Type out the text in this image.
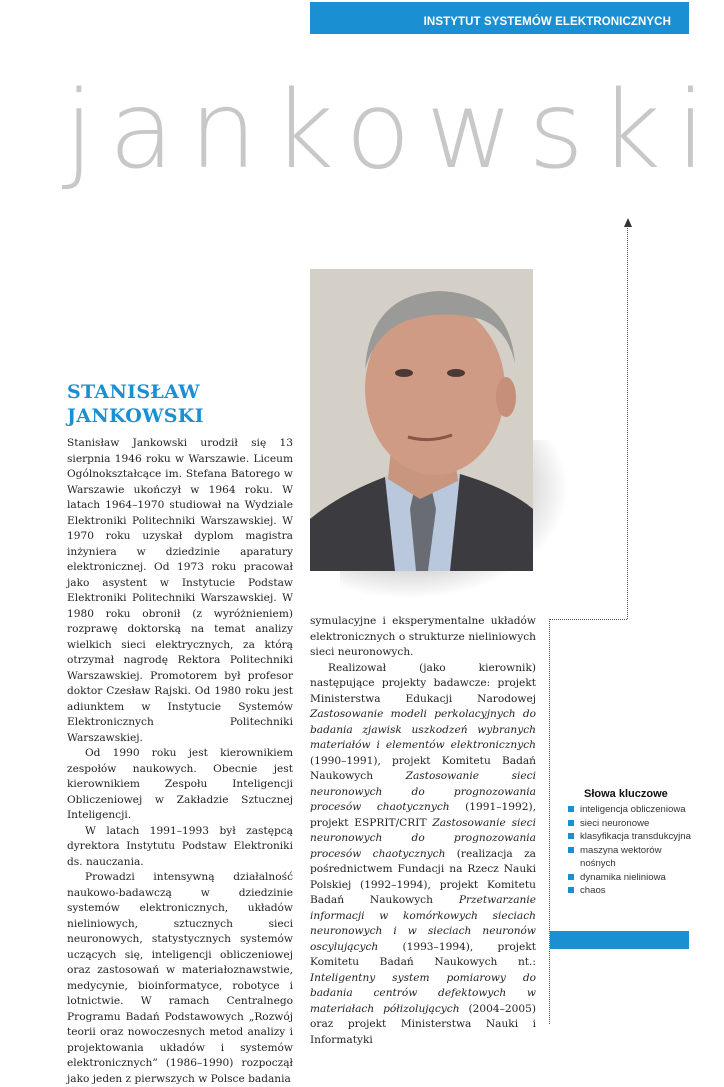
INSTYTUT SYSTEMÓW ELEKTRONICZNYCH
jankowski
STANISŁAW
JANKOWSKI

Stanisław Jankowski urodził się 13 sierpnia 1946 roku w Warszawie. Liceum Ogólnokształcące im. Stefana Batorego w Warszawie ukończył w 1964 roku. W latach 1964–1970 studiował na Wydziale Elektroniki Politechniki Warszawskiej. W 1970 roku uzyskał dyplom magistra inżyniera w dziedzinie aparatury elektronicznej. Od 1973 roku pracował jako asystent w Instytucie Podstaw Elektroniki Politechniki Warszawskiej. W 1980 roku obronił (z wyróżnieniem) rozprawę doktorską na temat analizy wielkich sieci elektrycznych, za którą otrzymał nagrodę Rektora Politechniki Warszawskiej. Promotorem był profesor doktor Czesław Rajski. Od 1980 roku jest adiunktem w Instytucie Systemów Elektronicznych Politechniki Warszawskiej.

Od 1990 roku jest kierownikiem zespołów naukowych. Obecnie jest kierownikiem Zespołu Inteligencji Obliczeniowej w Zakładzie Sztucznej Inteligencji.

W latach 1991–1993 był zastępcą dyrektora Instytutu Podstaw Elektroniki ds. nauczania.

Prowadzi intensywną działalność naukowo-badawczą w dziedzinie systemów elektronicznych, układów nieliniowych, sztucznych sieci neuronowych, statystycznych systemów uczących się, inteligencji obliczeniowej oraz zastosowań w materiałoznawstwie, medycynie, bioinformatyce, robotyce i lotnictwie. W ramach Centralnego Programu Badań Podstawowych „Rozwój teorii oraz nowoczesnych metod analizy i projektowania układów i systemów elektronicznych” (1986–1990) rozpoczął jako jeden z pierwszych w Polsce badania

symulacyjne i eksperymentalne układów elektronicznych o strukturze nieliniowych sieci neuronowych.

Realizował (jako kierownik) następujące projekty badawcze: projekt Ministerstwa Edukacji Narodowej Zastosowanie modeli perkolacyjnych do badania zjawisk uszkodzeń wybranych materiałów i elementów elektronicznych (1990–1991), projekt Komitetu Badań Naukowych Zastosowanie sieci neuronowych do prognozowania procesów chaotycznych (1991–1992), projekt ESPRIT/CRIT Zastosowanie sieci neuronowych do prognozowania procesów chaotycznych (realizacja za pośrednictwem Fundacji na Rzecz Nauki Polskiej (1992–1994), projekt Komitetu Badań Naukowych Przetwarzanie informacji w komórkowych sieciach neuronowych i w sieciach neuronów oscylujących (1993–1994), projekt Komitetu Badań Naukowych nt.: Inteligentny system pomiarowy do badania centrów defektowych w materiałach półizolujących (2004–2005) oraz projekt Ministerstwa Nauki i Informatyki

Słowa kluczowe
inteligencja obliczeniowa
sieci neuronowe
klasyfikacja transdukcyjna
maszyna wektorów nośnych
dynamika nieliniowa
chaos
